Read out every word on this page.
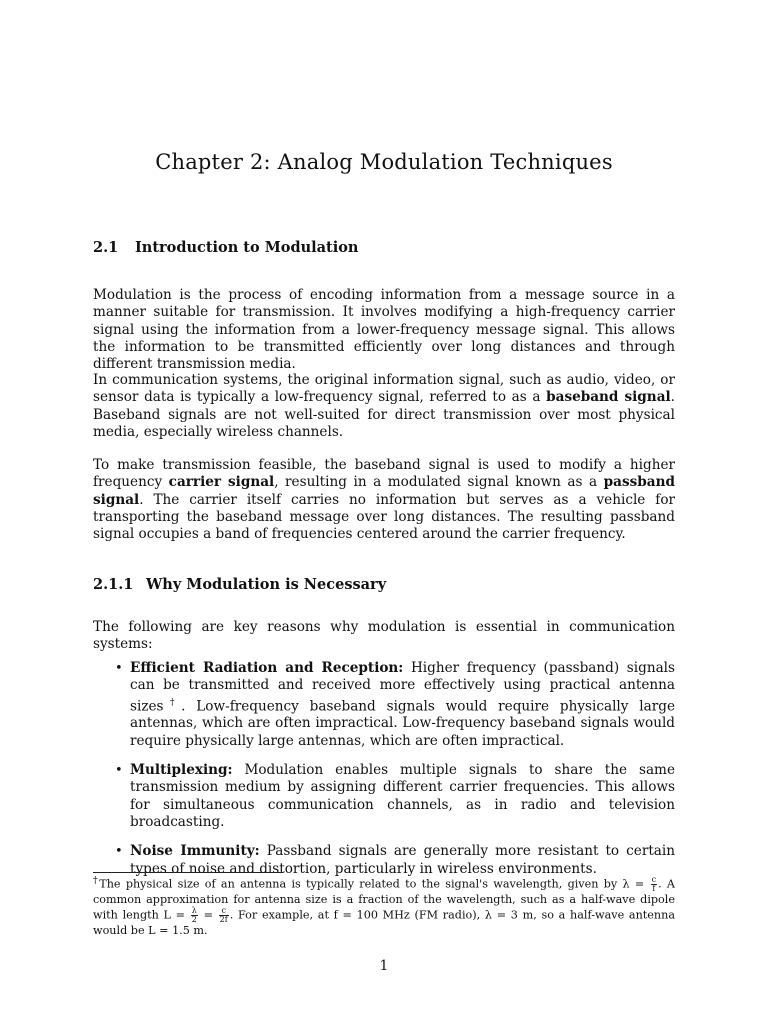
Chapter 2: Analog Modulation Techniques
2.1 Introduction to Modulation

Modulation is the process of encoding information from a message source in a manner suitable for transmission. It involves modifying a high-frequency carrier signal using the information from a lower-frequency message signal. This allows the information to be transmitted efficiently over long distances and through different transmission media.

In communication systems, the original information signal, such as audio, video, or sensor data is typically a low-frequency signal, referred to as a baseband signal. Baseband signals are not well-suited for direct transmission over most physical media, especially wireless channels.

To make transmission feasible, the baseband signal is used to modify a higher frequency carrier signal, resulting in a modulated signal known as a passband signal. The carrier itself carries no information but serves as a vehicle for transporting the baseband message over long distances. The resulting passband signal occupies a band of frequencies centered around the carrier frequency.

2.1.1 Why Modulation is Necessary

The following are key reasons why modulation is essential in communication systems:

• Efficient Radiation and Reception: Higher frequency (passband) signals can be transmitted and received more effectively using practical antenna sizes†. Low-frequency baseband signals would require physically large antennas, which are often impractical. Low-frequency baseband signals would require physically large antennas, which are often impractical.
• Multiplexing: Modulation enables multiple signals to share the same transmission medium by assigning different carrier frequencies. This allows for simultaneous communication channels, as in radio and television broadcasting.
• Noise Immunity: Passband signals are generally more resistant to certain types of noise and distortion, particularly in wireless environments.

†The physical size of an antenna is typically related to the signal's wavelength, given by $\lambda = \frac{c}{f}$ . A common approximation for antenna size is a fraction of the wavelength, such as a half-wave dipole with length $L = \frac{\lambda}{2} = \frac{c}{2f}$ . For example, at f = 100 MHz (FM radio), λ = 3 m, so a half-wave antenna would be L = 1.5 m.

1
